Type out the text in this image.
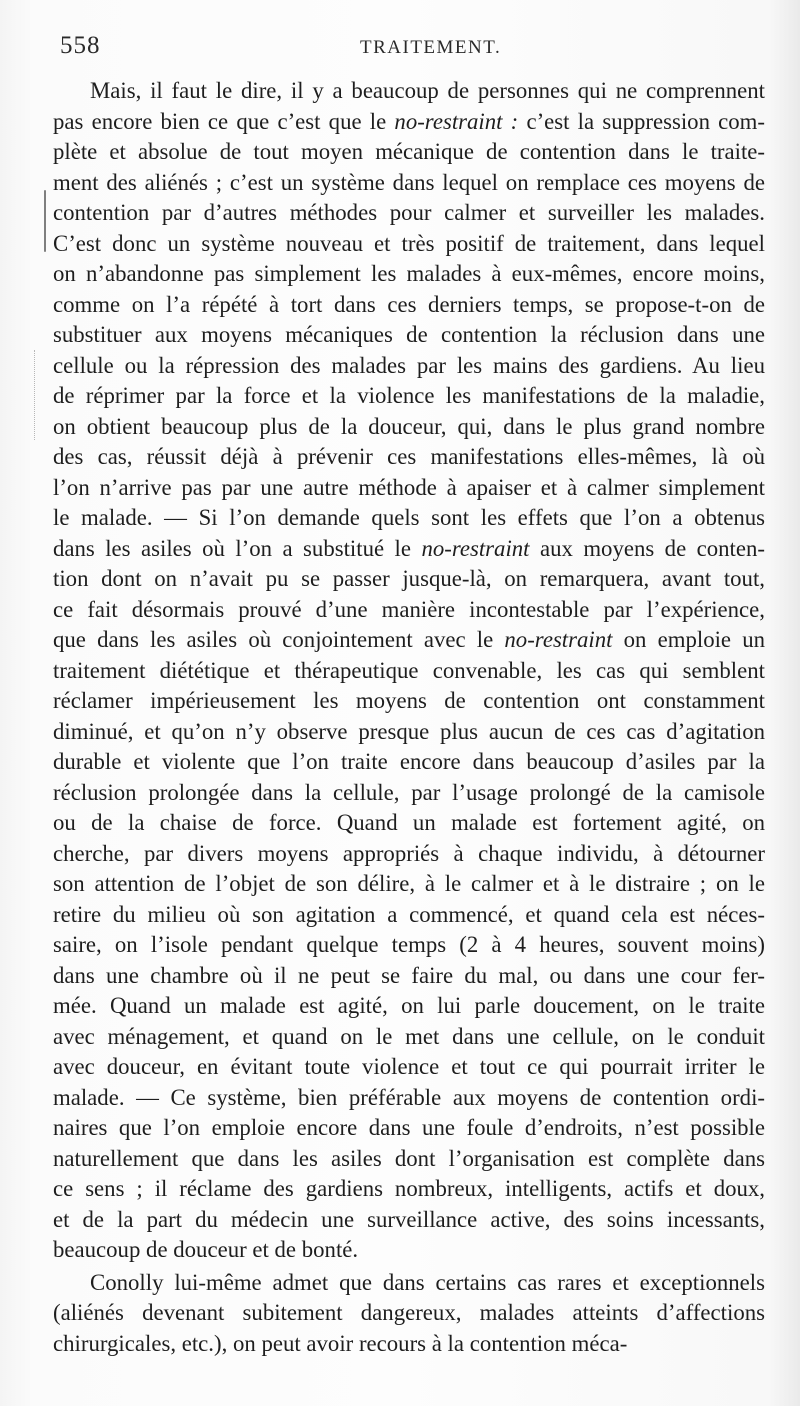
558	TRAITEMENT.
Mais, il faut le dire, il y a beaucoup de personnes qui ne comprennent
pas encore bien ce que c’est que le no-restraint : c’est la suppression com-
plète et absolue de tout moyen mécanique de contention dans le traite-
ment des aliénés ; c’est un système dans lequel on remplace ces moyens de
contention par d’autres méthodes pour calmer et surveiller les malades.
C’est donc un système nouveau et très positif de traitement, dans lequel
on n’abandonne pas simplement les malades à eux-mêmes, encore moins,
comme on l’a répété à tort dans ces derniers temps, se propose-t-on de
substituer aux moyens mécaniques de contention la réclusion dans une
cellule ou la répression des malades par les mains des gardiens. Au lieu
de réprimer par la force et la violence les manifestations de la maladie,
on obtient beaucoup plus de la douceur, qui, dans le plus grand nombre
des cas, réussit déjà à prévenir ces manifestations elles-mêmes, là où
l’on n’arrive pas par une autre méthode à apaiser et à calmer simplement
le malade. — Si l’on demande quels sont les effets que l’on a obtenus
dans les asiles où l’on a substitué le no-restraint aux moyens de conten-
tion dont on n’avait pu se passer jusque-là, on remarquera, avant tout,
ce fait désormais prouvé d’une manière incontestable par l’expérience,
que dans les asiles où conjointement avec le no-restraint on emploie un
traitement diététique et thérapeutique convenable, les cas qui semblent
réclamer impérieusement les moyens de contention ont constamment
diminué, et qu’on n’y observe presque plus aucun de ces cas d’agitation
durable et violente que l’on traite encore dans beaucoup d’asiles par la
réclusion prolongée dans la cellule, par l’usage prolongé de la camisole
ou de la chaise de force. Quand un malade est fortement agité, on
cherche, par divers moyens appropriés à chaque individu, à détourner
son attention de l’objet de son délire, à le calmer et à le distraire ; on le
retire du milieu où son agitation a commencé, et quand cela est néces-
saire, on l’isole pendant quelque temps (2 à 4 heures, souvent moins)
dans une chambre où il ne peut se faire du mal, ou dans une cour fer-
mée. Quand un malade est agité, on lui parle doucement, on le traite
avec ménagement, et quand on le met dans une cellule, on le conduit
avec douceur, en évitant toute violence et tout ce qui pourrait irriter le
malade. — Ce système, bien préférable aux moyens de contention ordi-
naires que l’on emploie encore dans une foule d’endroits, n’est possible
naturellement que dans les asiles dont l’organisation est complète dans
ce sens ; il réclame des gardiens nombreux, intelligents, actifs et doux,
et de la part du médecin une surveillance active, des soins incessants,
beaucoup de douceur et de bonté.
Conolly lui-même admet que dans certains cas rares et exceptionnels
(aliénés devenant subitement dangereux, malades atteints d’affections
chirurgicales, etc.), on peut avoir recours à la contention méca-
